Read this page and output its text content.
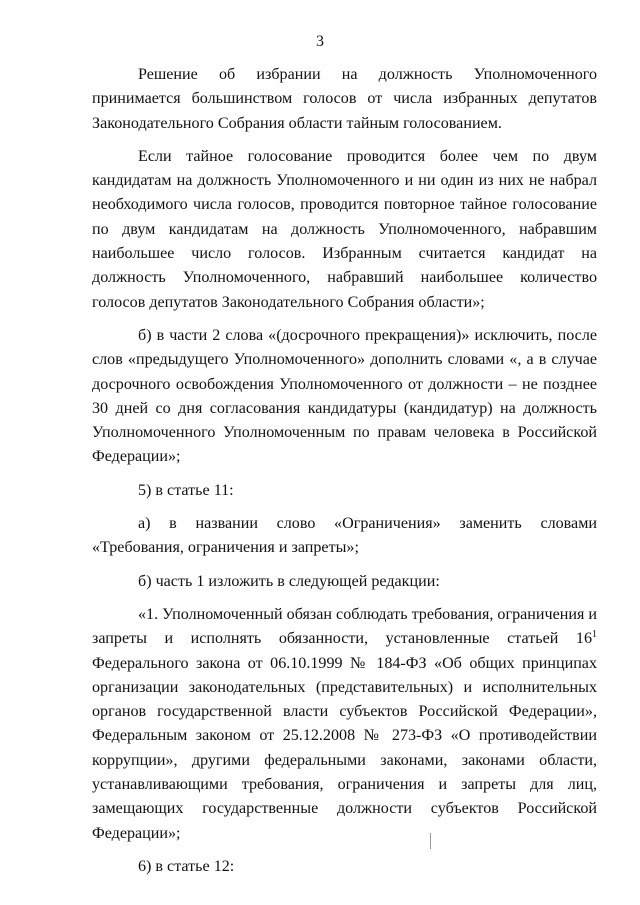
3

Решение об избрании на должность Уполномоченного принимается большинством голосов от числа избранных депутатов Законодательного Собрания области тайным голосованием.

Если тайное голосование проводится более чем по двум кандидатам на должность Уполномоченного и ни один из них не набрал необходимого числа голосов, проводится повторное тайное голосование по двум кандидатам на должность Уполномоченного, набравшим наибольшее число голосов. Избранным считается кандидат на должность Уполномоченного, набравший наибольшее количество голосов депутатов Законодательного Собрания области»;

б) в части 2 слова «(досрочного прекращения)» исключить, после слов «предыдущего Уполномоченного» дополнить словами «, а в случае досрочного освобождения Уполномоченного от должности – не позднее 30 дней со дня согласования кандидатуры (кандидатур) на должность Уполномоченного Уполномоченным по правам человека в Российской Федерации»;

5) в статье 11:

а) в названии слово «Ограничения» заменить словами «Требования, ограничения и запреты»;

б) часть 1 изложить в следующей редакции:

«1. Уполномоченный обязан соблюдать требования, ограничения и запреты и исполнять обязанности, установленные статьей $16^1$ Федерального закона от 06.10.1999 № 184-ФЗ «Об общих принципах организации законодательных (представительных) и исполнительных органов государственной власти субъектов Российской Федерации», Федеральным законом от 25.12.2008 № 273-ФЗ «О противодействии коррупции», другими федеральными законами, законами области, устанавливающими требования, ограничения и запреты для лиц, замещающих государственные должности субъектов Российской Федерации»;

6) в статье 12:
